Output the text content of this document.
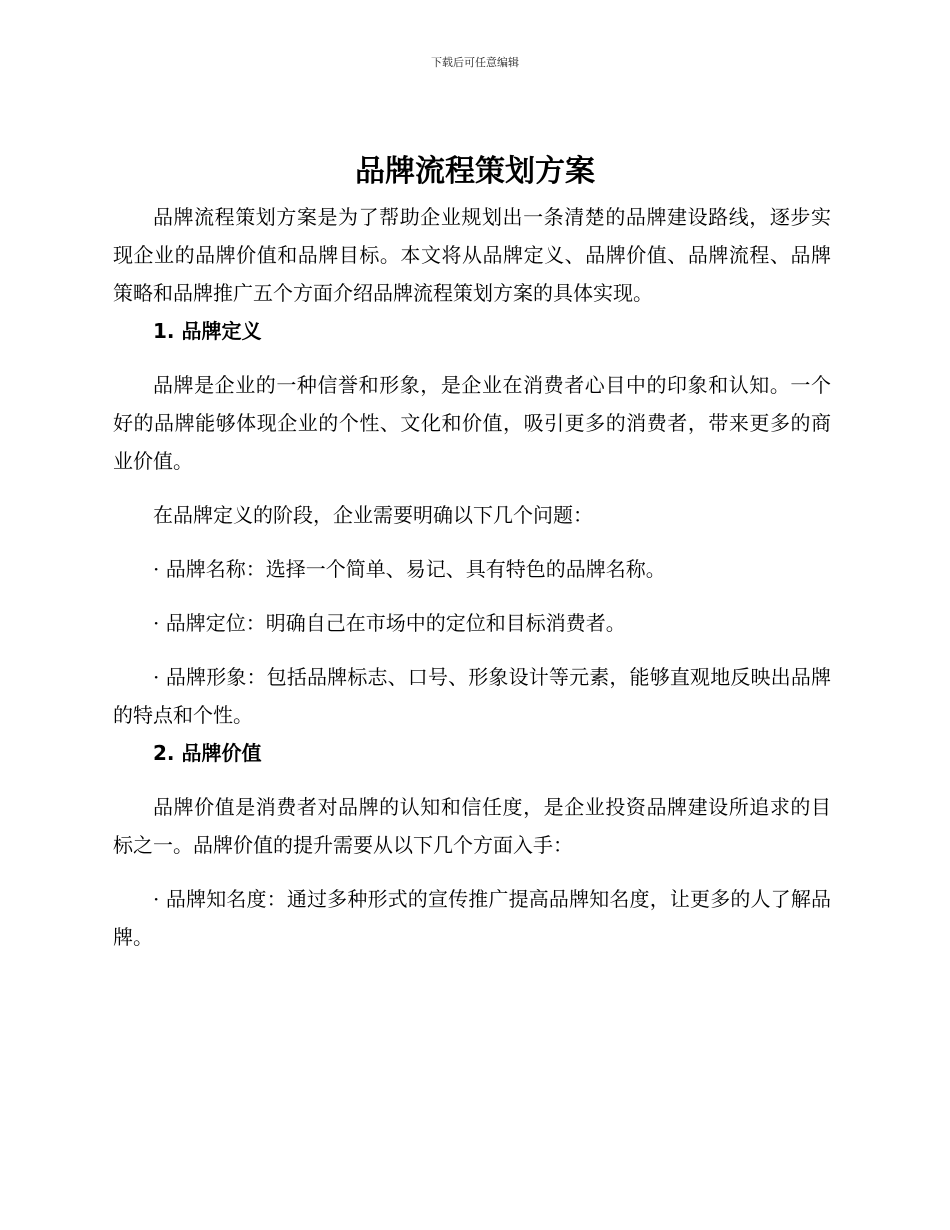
下载后可任意编辑
品牌流程策划方案

品牌流程策划方案是为了帮助企业规划出一条清楚的品牌建设路线，逐步实现企业的品牌价值和品牌目标。本文将从品牌定义、品牌价值、品牌流程、品牌策略和品牌推广五个方面介绍品牌流程策划方案的具体实现。

1. 品牌定义

品牌是企业的一种信誉和形象，是企业在消费者心目中的印象和认知。一个好的品牌能够体现企业的个性、文化和价值，吸引更多的消费者，带来更多的商业价值。

在品牌定义的阶段，企业需要明确以下几个问题：

· 品牌名称：选择一个简单、易记、具有特色的品牌名称。

· 品牌定位：明确自己在市场中的定位和目标消费者。

· 品牌形象：包括品牌标志、口号、形象设计等元素，能够直观地反映出品牌的特点和个性。

2. 品牌价值

品牌价值是消费者对品牌的认知和信任度，是企业投资品牌建设所追求的目标之一。品牌价值的提升需要从以下几个方面入手：

· 品牌知名度：通过多种形式的宣传推广提高品牌知名度，让更多的人了解品牌。
